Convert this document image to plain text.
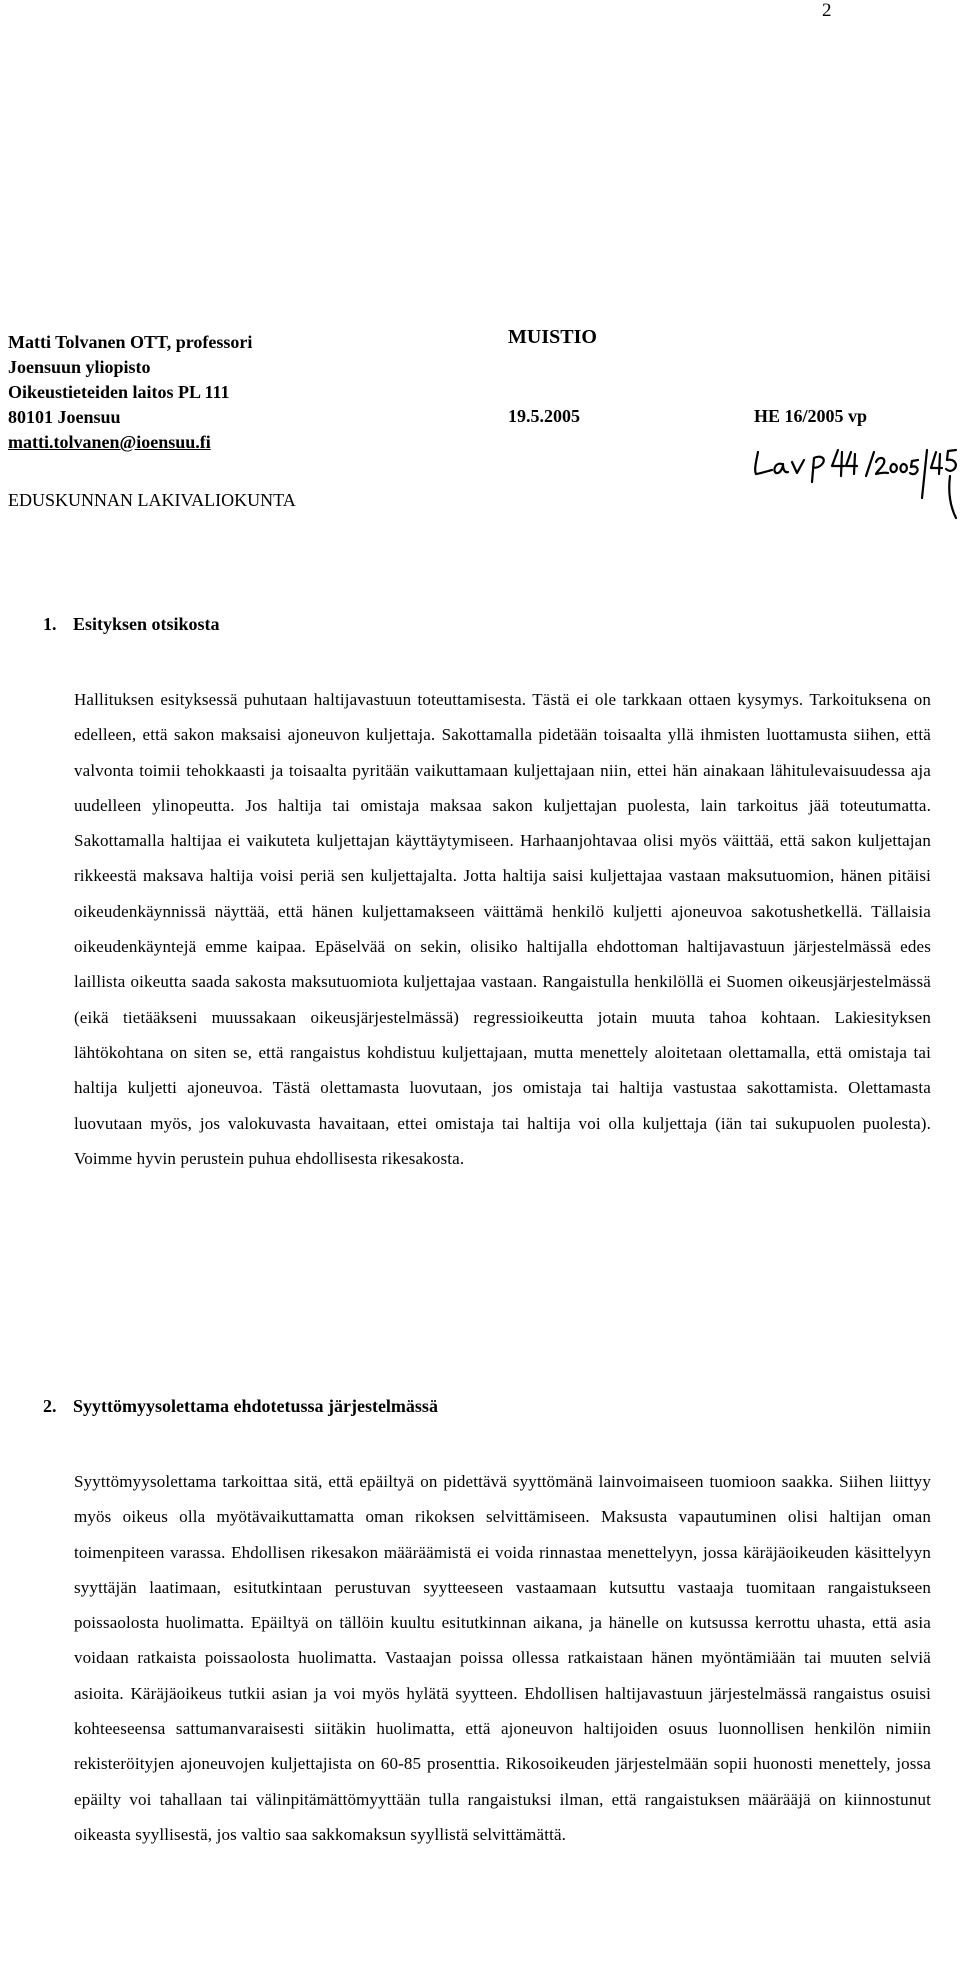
2
Matti Tolvanen OTT, professori
Joensuun yliopisto
Oikeustieteiden laitos PL 111
80101 Joensuu
matti.tolvanen@ioensuu.fi
MUISTIO
19.5.2005	HE 16/2005 vp
EDUSKUNNAN LAKIVALIOKUNTA
1. Esityksen otsikosta

Hallituksen esityksessä puhutaan haltijavastuun toteuttamisesta. Tästä ei ole tarkkaan ottaen kysymys. Tarkoituksena on edelleen, että sakon maksaisi ajoneuvon kuljettaja. Sakottamalla pidetään toisaalta yllä ihmisten luottamusta siihen, että valvonta toimii tehokkaasti ja toisaalta pyritään vaikuttamaan kuljettajaan niin, ettei hän ainakaan lähitulevaisuudessa aja uudelleen ylinopeutta. Jos haltija tai omistaja maksaa sakon kuljettajan puolesta, lain tarkoitus jää toteutumatta. Sakottamalla haltijaa ei vaikuteta kuljettajan käyttäytymiseen. Harhaanjohtavaa olisi myös väittää, että sakon kuljettajan rikkeestä maksava haltija voisi periä sen kuljettajalta. Jotta haltija saisi kuljettajaa vastaan maksutuomion, hänen pitäisi oikeudenkäynnissä näyttää, että hänen kuljettamakseen väittämä henkilö kuljetti ajoneuvoa sakotushetkellä. Tällaisia oikeudenkäyntejä emme kaipaa. Epäselvää on sekin, olisiko haltijalla ehdottoman haltijavastuun järjestelmässä edes laillista oikeutta saada sakosta maksutuomiota kuljettajaa vastaan. Rangaistulla henkilöllä ei Suomen oikeusjärjestelmässä (eikä tietääkseni muussakaan oikeusjärjestelmässä) regressioikeutta jotain muuta tahoa kohtaan. Lakiesityksen lähtökohtana on siten se, että rangaistus kohdistuu kuljettajaan, mutta menettely aloitetaan olettamalla, että omistaja tai haltija kuljetti ajoneuvoa. Tästä olettamasta luovutaan, jos omistaja tai haltija vastustaa sakottamista. Olettamasta luovutaan myös, jos valokuvasta havaitaan, ettei omistaja tai haltija voi olla kuljettaja (iän tai sukupuolen puolesta). Voimme hyvin perustein puhua ehdollisesta rikesakosta.

2. Syyttömyysolettama ehdotetussa järjestelmässä

Syyttömyysolettama tarkoittaa sitä, että epäiltyä on pidettävä syyttömänä lainvoimaiseen tuomioon saakka. Siihen liittyy myös oikeus olla myötävaikuttamatta oman rikoksen selvittämiseen. Maksusta vapautuminen olisi haltijan oman toimenpiteen varassa. Ehdollisen rikesakon määräämistä ei voida rinnastaa menettelyyn, jossa käräjäoikeuden käsittelyyn syyttäjän laatimaan, esitutkintaan perustuvan syytteeseen vastaamaan kutsuttu vastaaja tuomitaan rangaistukseen poissaolosta huolimatta. Epäiltyä on tällöin kuultu esitutkinnan aikana, ja hänelle on kutsussa kerrottu uhasta, että asia voidaan ratkaista poissaolosta huolimatta. Vastaajan poissa ollessa ratkaistaan hänen myöntämiään tai muuten selviä asioita. Käräjäoikeus tutkii asian ja voi myös hylätä syytteen. Ehdollisen haltijavastuun järjestelmässä rangaistus osuisi kohteeseensa sattumanvaraisesti siitäkin huolimatta, että ajoneuvon haltijoiden osuus luonnollisen henkilön nimiin rekisteröityjen ajoneuvojen kuljettajista on 60-85 prosenttia. Rikosoikeuden järjestelmään sopii huonosti menettely, jossa epäilty voi tahallaan tai välinpitämättömyyttään tulla rangaistuksi ilman, että rangaistuksen määrääjä on kiinnostunut oikeasta syyllisestä, jos valtio saa sakkomaksun syyllistä selvittämättä.
